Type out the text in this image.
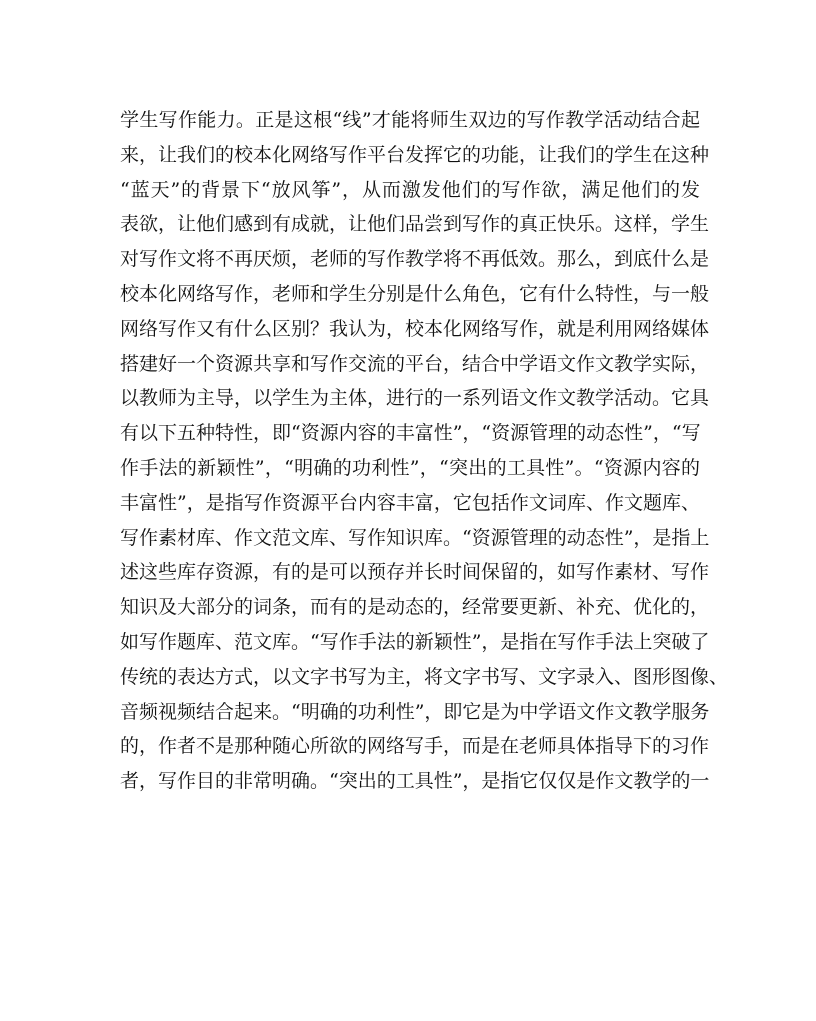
学生写作能力。正是这根“线”才能将师生双边的写作教学活动结合起
来，让我们的校本化网络写作平台发挥它的功能，让我们的学生在这种
“蓝天”的背景下“放风筝”，从而激发他们的写作欲，满足他们的发
表欲，让他们感到有成就，让他们品尝到写作的真正快乐。这样，学生
对写作文将不再厌烦，老师的写作教学将不再低效。那么，到底什么是
校本化网络写作，老师和学生分别是什么角色，它有什么特性，与一般
网络写作又有什么区别？我认为，校本化网络写作，就是利用网络媒体
搭建好一个资源共享和写作交流的平台，结合中学语文作文教学实际，
以教师为主导，以学生为主体，进行的一系列语文作文教学活动。它具
有以下五种特性，即“资源内容的丰富性”，“资源管理的动态性”，“写
作手法的新颖性”，“明确的功利性”，“突出的工具性”。“资源内容的
丰富性”，是指写作资源平台内容丰富，它包括作文词库、作文题库、
写作素材库、作文范文库、写作知识库。“资源管理的动态性”，是指上
述这些库存资源，有的是可以预存并长时间保留的，如写作素材、写作
知识及大部分的词条，而有的是动态的，经常要更新、补充、优化的，
如写作题库、范文库。“写作手法的新颖性”，是指在写作手法上突破了
传统的表达方式，以文字书写为主，将文字书写、文字录入、图形图像、
音频视频结合起来。“明确的功利性”，即它是为中学语文作文教学服务
的，作者不是那种随心所欲的网络写手，而是在老师具体指导下的习作
者，写作目的非常明确。“突出的工具性”，是指它仅仅是作文教学的一
